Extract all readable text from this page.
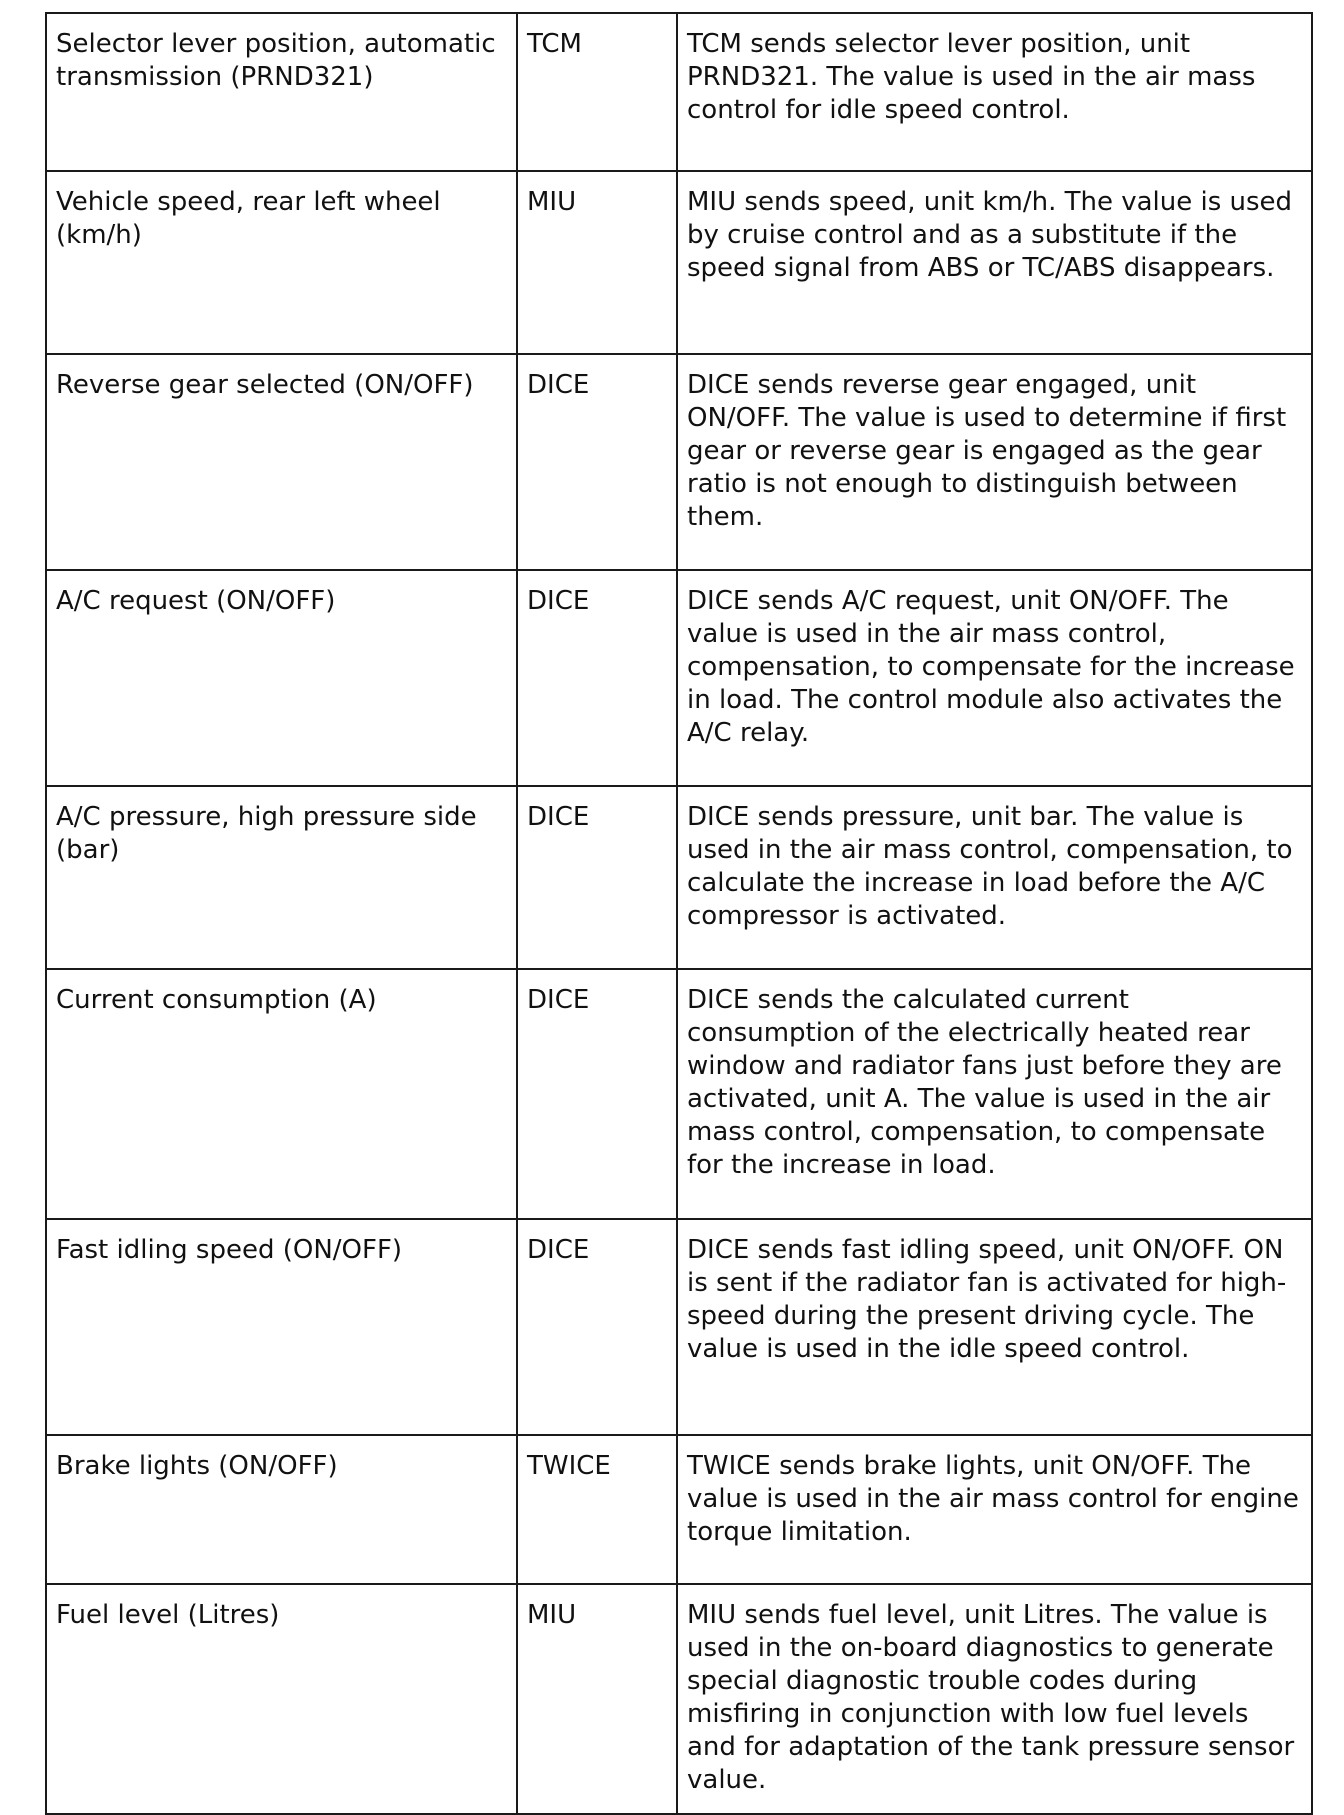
Selector lever position, automatic transmission (PRND321)	TCM	TCM sends selector lever position, unit PRND321. The value is used in the air mass control for idle speed control.
Vehicle speed, rear left wheel (km/h)	MIU	MIU sends speed, unit km/h. The value is used by cruise control and as a substitute if the speed signal from ABS or TC/ABS disappears.
Reverse gear selected (ON/OFF)	DICE	DICE sends reverse gear engaged, unit ON/OFF. The value is used to determine if first gear or reverse gear is engaged as the gear ratio is not enough to distinguish between them.
A/C request (ON/OFF)	DICE	DICE sends A/C request, unit ON/OFF. The value is used in the air mass control, compensation, to compensate for the increase in load. The control module also activates the A/C relay.
A/C pressure, high pressure side (bar)	DICE	DICE sends pressure, unit bar. The value is used in the air mass control, compensation, to calculate the increase in load before the A/C compressor is activated.
Current consumption (A)	DICE	DICE sends the calculated current consumption of the electrically heated rear window and radiator fans just before they are activated, unit A. The value is used in the air mass control, compensation, to compensate for the increase in load.
Fast idling speed (ON/OFF)	DICE	DICE sends fast idling speed, unit ON/OFF. ON is sent if the radiator fan is activated for high-speed during the present driving cycle. The value is used in the idle speed control.
Brake lights (ON/OFF)	TWICE	TWICE sends brake lights, unit ON/OFF. The value is used in the air mass control for engine torque limitation.
Fuel level (Litres)	MIU	MIU sends fuel level, unit Litres. The value is used in the on-board diagnostics to generate special diagnostic trouble codes during misfiring in conjunction with low fuel levels and for adaptation of the tank pressure sensor value.
